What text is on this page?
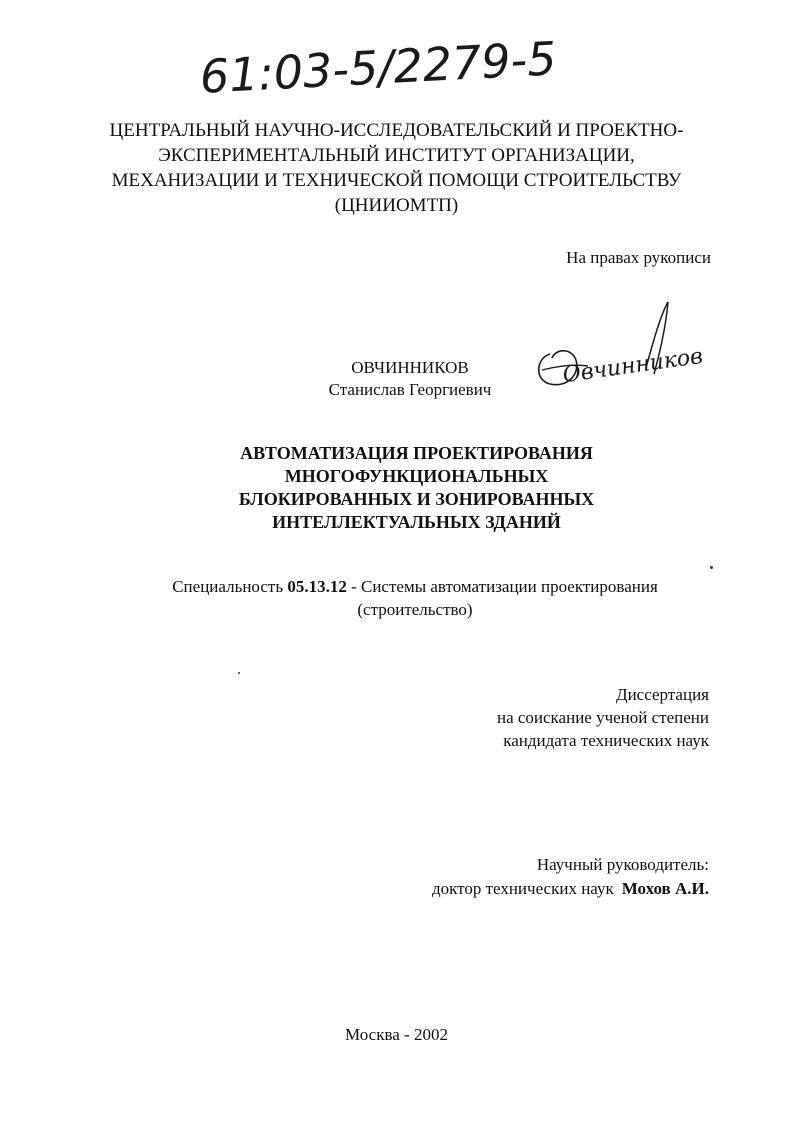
61:03-5/2279-5
ЦЕНТРАЛЬНЫЙ НАУЧНО-ИССЛЕДОВАТЕЛЬСКИЙ И ПРОЕКТНО-
ЭКСПЕРИМЕНТАЛЬНЫЙ ИНСТИТУТ ОРГАНИЗАЦИИ,
МЕХАНИЗАЦИИ И ТЕХНИЧЕСКОЙ ПОМОЩИ СТРОИТЕЛЬСТВУ
(ЦНИИОМТП)
На правах рукописи
ОВЧИННИКОВ
Станислав Георгиевич
Овчинников
АВТОМАТИЗАЦИЯ ПРОЕКТИРОВАНИЯ
МНОГОФУНКЦИОНАЛЬНЫХ
БЛОКИРОВАННЫХ И ЗОНИРОВАННЫХ
ИНТЕЛЛЕКТУАЛЬНЫХ ЗДАНИЙ
Специальность 05.13.12 - Системы автоматизации проектирования
(строительство)
Диссертация
на соискание ученой степени
кандидата технических наук
Научный руководитель:
доктор технических наук Мохов А.И.
Москва - 2002
